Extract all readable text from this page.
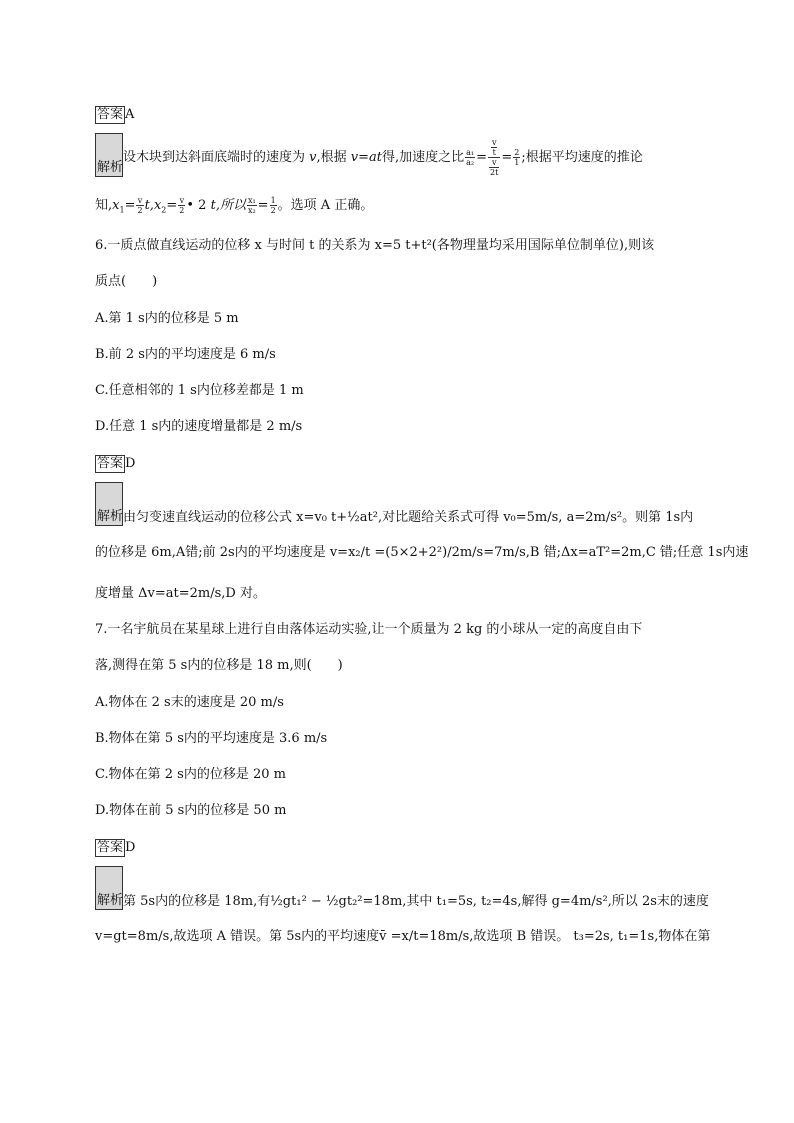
答案 A
解析
设木块到达斜面底端时的速度为 v,根据 v=at得,加速度之比 $\frac{\text{a₁}}{\text{a₂}} = \frac{\frac{v}{t}}{\frac{v}{2t}} = \frac{2}{1}$ ;根据平均速度的推论
知$,x_1= \frac{v}{2} t,x_2= \frac{v}{2}$ • 2 t,所以 $\frac{\text{x₁}}{\text{x₂}} = \frac{1}{2}$ 。选项 A 正确。
6.一质点做直线运动的位移 x 与时间 t 的关系为 x=5 t+t²(各物理量均采用国际单位制单位),则该
质点(　　)
A.第 1 s内的位移是 5 m
B.前 2 s内的平均速度是 6 m/s
C.任意相邻的 1 s内位移差都是 1 m
D.任意 1 s内的速度增量都是 2 m/s
答案 D
解析 由匀变速直线运动的位移公式 x=v₀ t+½at²,对比题给关系式可得 v₀=5m/s, a=2m/s²。则第 1s内
的位移是 6m,A错;前 2s内的平均速度是 v=x₂/t =(5×2+2²)/2m/s=7m/s,B 错;Δx=aT²=2m,C 错;任意 1s内速
度增量 Δv=at=2m/s,D 对。
7.一名宇航员在某星球上进行自由落体运动实验,让一个质量为 2 kg 的小球从一定的高度自由下
落,测得在第 5 s内的位移是 18 m,则(　　)
A.物体在 2 s末的速度是 20 m/s
B.物体在第 5 s内的平均速度是 3.6 m/s
C.物体在第 2 s内的位移是 20 m
D.物体在前 5 s内的位移是 50 m
答案 D
解析 第 5s内的位移是 18m,有½gt₁² − ½gt₂²=18m,其中 t₁=5s, t₂=4s,解得 g=4m/s²,所以 2s末的速度
v=gt=8m/s,故选项 A 错误。第 5s内的平均速度v̄ =x/t=18m/s,故选项 B 错误。 t₃=2s, t₁=1s,物体在第
